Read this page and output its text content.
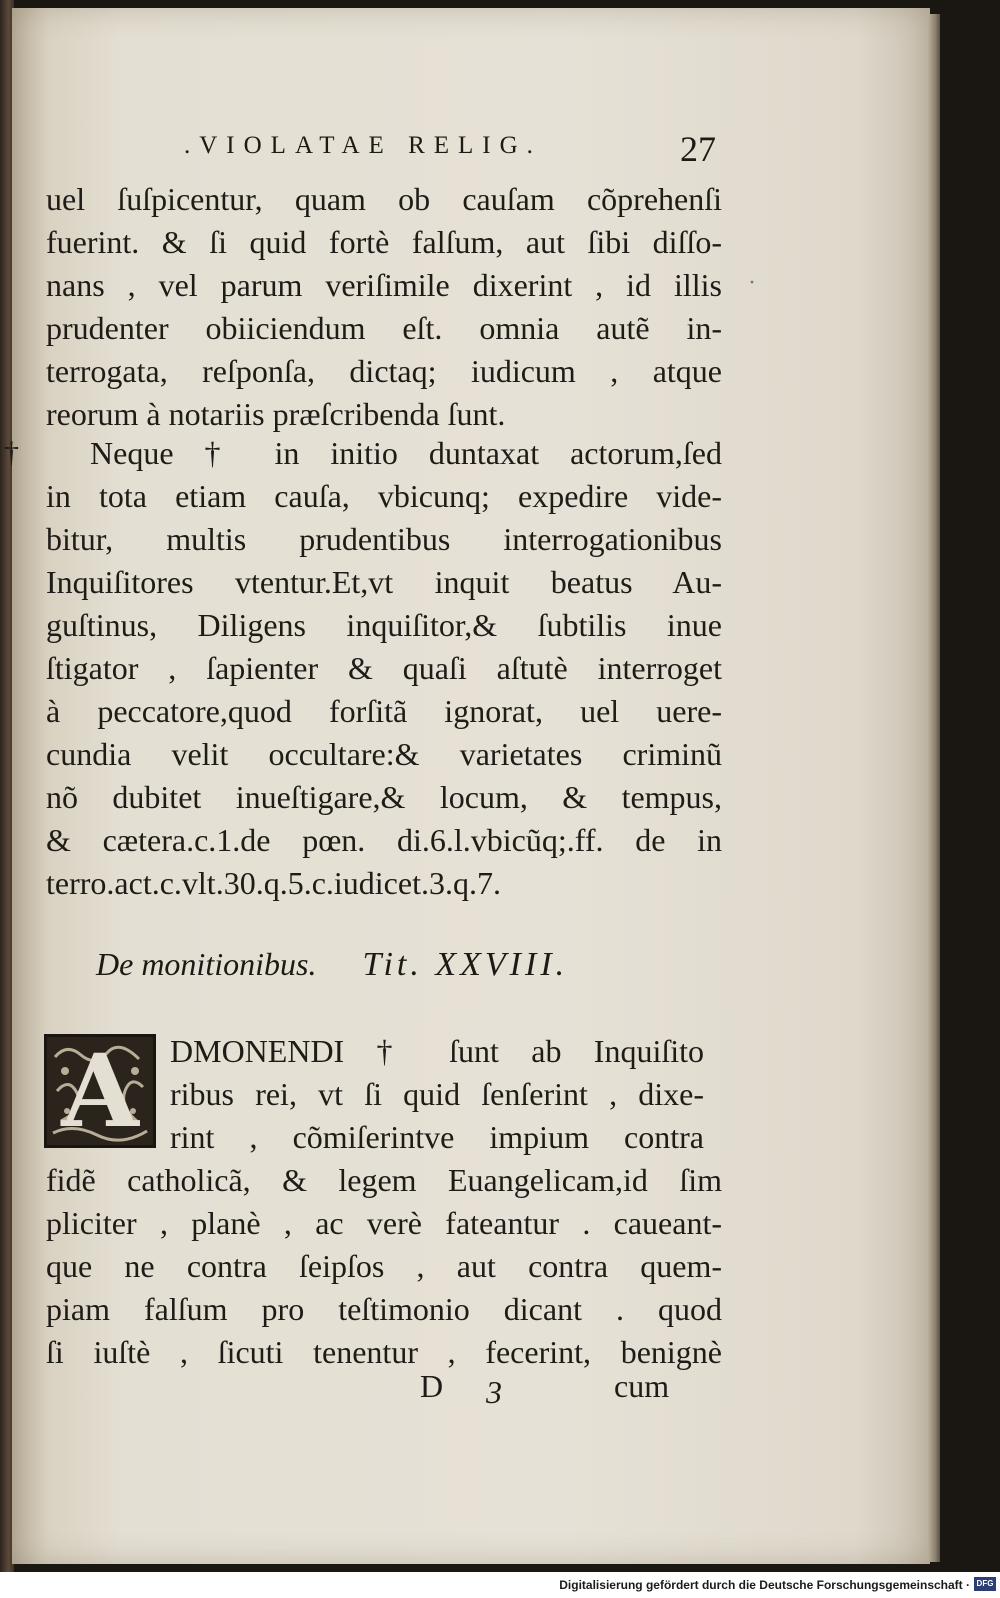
.VIOLATAE RELIG.	27
·
†
uel ſuſpicentur, quam ob cauſam cõprehenſi
fuerint. & ſi quid fortè falſum, aut ſibi diſſo-
nans , vel parum veriſimile dixerint , id illis
prudenter obiiciendum eſt. omnia autẽ in-
terrogata, reſponſa, dictaq; iudicum , atque
reorum à notariis præſcribenda ſunt.
Neque † in initio duntaxat actorum,ſed
in tota etiam cauſa, vbicunq; expedire vide-
bitur, multis prudentibus interrogationibus
Inquiſitores vtentur.Et,vt inquit beatus Au-
guſtinus, Diligens inquiſitor,& ſubtilis inue
ſtigator , ſapienter & quaſi aſtutè interroget
à peccatore,quod forſitã ignorat, uel uere-
cundia velit occultare:& varietates criminũ
nõ dubitet inueſtigare,& locum, & tempus,
& cætera.c.1.de pœn. di.6.l.vbicũq;.ff. de in
terro.act.c.vlt.30.q.5.c.iudicet.3.q.7.
De monitionibus. Tit. XXVIII.
A DMONENDI † ſunt ab Inquiſito
ribus rei, vt ſi quid ſenſerint , dixe-
rint , cõmiſerintve impium contra
fidẽ catholicã, & legem Euangelicam,id ſim
pliciter , planè , ac verè fateantur . caueant-
que ne contra ſeipſos , aut contra quem-
piam falſum pro teſtimonio dicant . quod
ſi iuſtè , ſicuti tenentur , fecerint, benignè
D 3	cum
Digitalisierung gefördert durch die Deutsche Forschungsgemeinschaft · DFG
